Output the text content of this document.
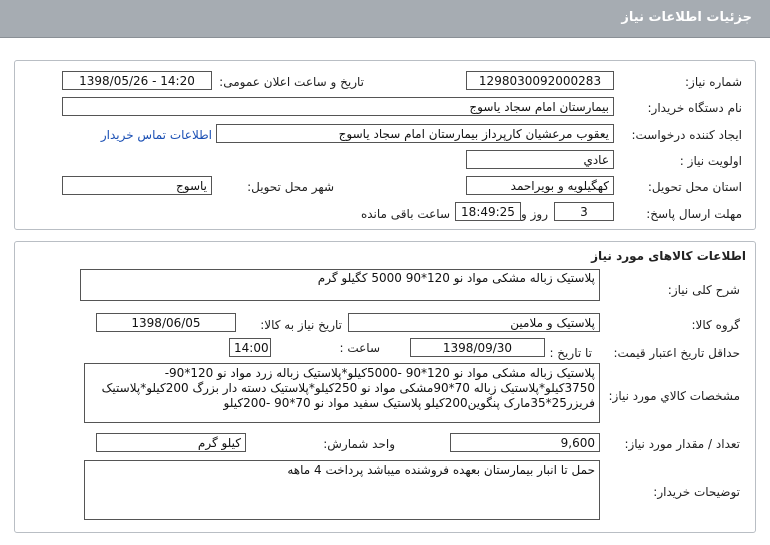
جزئیات اطلاعات نیاز
شماره نیاز:
1298030092000283
تاریخ و ساعت اعلان عمومی:
1398/05/26 - 14:20
نام دستگاه خریدار:
بیمارستان امام سجاد یاسوج
ایجاد کننده درخواست:
یعقوب مرعشیان کارپرداز بیمارستان امام سجاد یاسوج
اطلاعات تماس خریدار
اولویت نیاز :
عادي
استان محل تحویل:
کهگیلویه و بویراحمد
شهر محل تحویل:
یاسوج
مهلت ارسال پاسخ:
3
روز و
18:49:25
ساعت باقی مانده
اطلاعات کالاهای مورد نیاز
شرح کلی نیاز:
پلاستیک زباله مشکی مواد نو 120*90 5000 کگیلو گرم
گروه کالا:
پلاستیک و ملامین
تاریخ نیاز به کالا:
1398/06/05
حداقل تاریخ اعتبار قیمت:
تا تاریخ :
1398/09/30
ساعت :
14:00
مشخصات کالاي مورد نياز:
پلاستیک زباله مشکی مواد نو 120*90 -5000کیلو*پلاستیک زباله زرد مواد نو 120*90-3750کیلو*پلاستیک زباله 70*90مشکی مواد نو 250کیلو*پلاستیک دسته دار بزرگ 200کیلو*پلاستیک فریزر25*35مارک پنگوین200کیلو پلاستیک سفید مواد نو 70*90 -200کیلو
تعداد / مقدار مورد نیاز:
9,600
واحد شمارش:
کیلو گرم
توضیحات خریدار:
حمل تا انبار بیمارستان بعهده فروشنده میباشد پرداخت 4 ماهه
